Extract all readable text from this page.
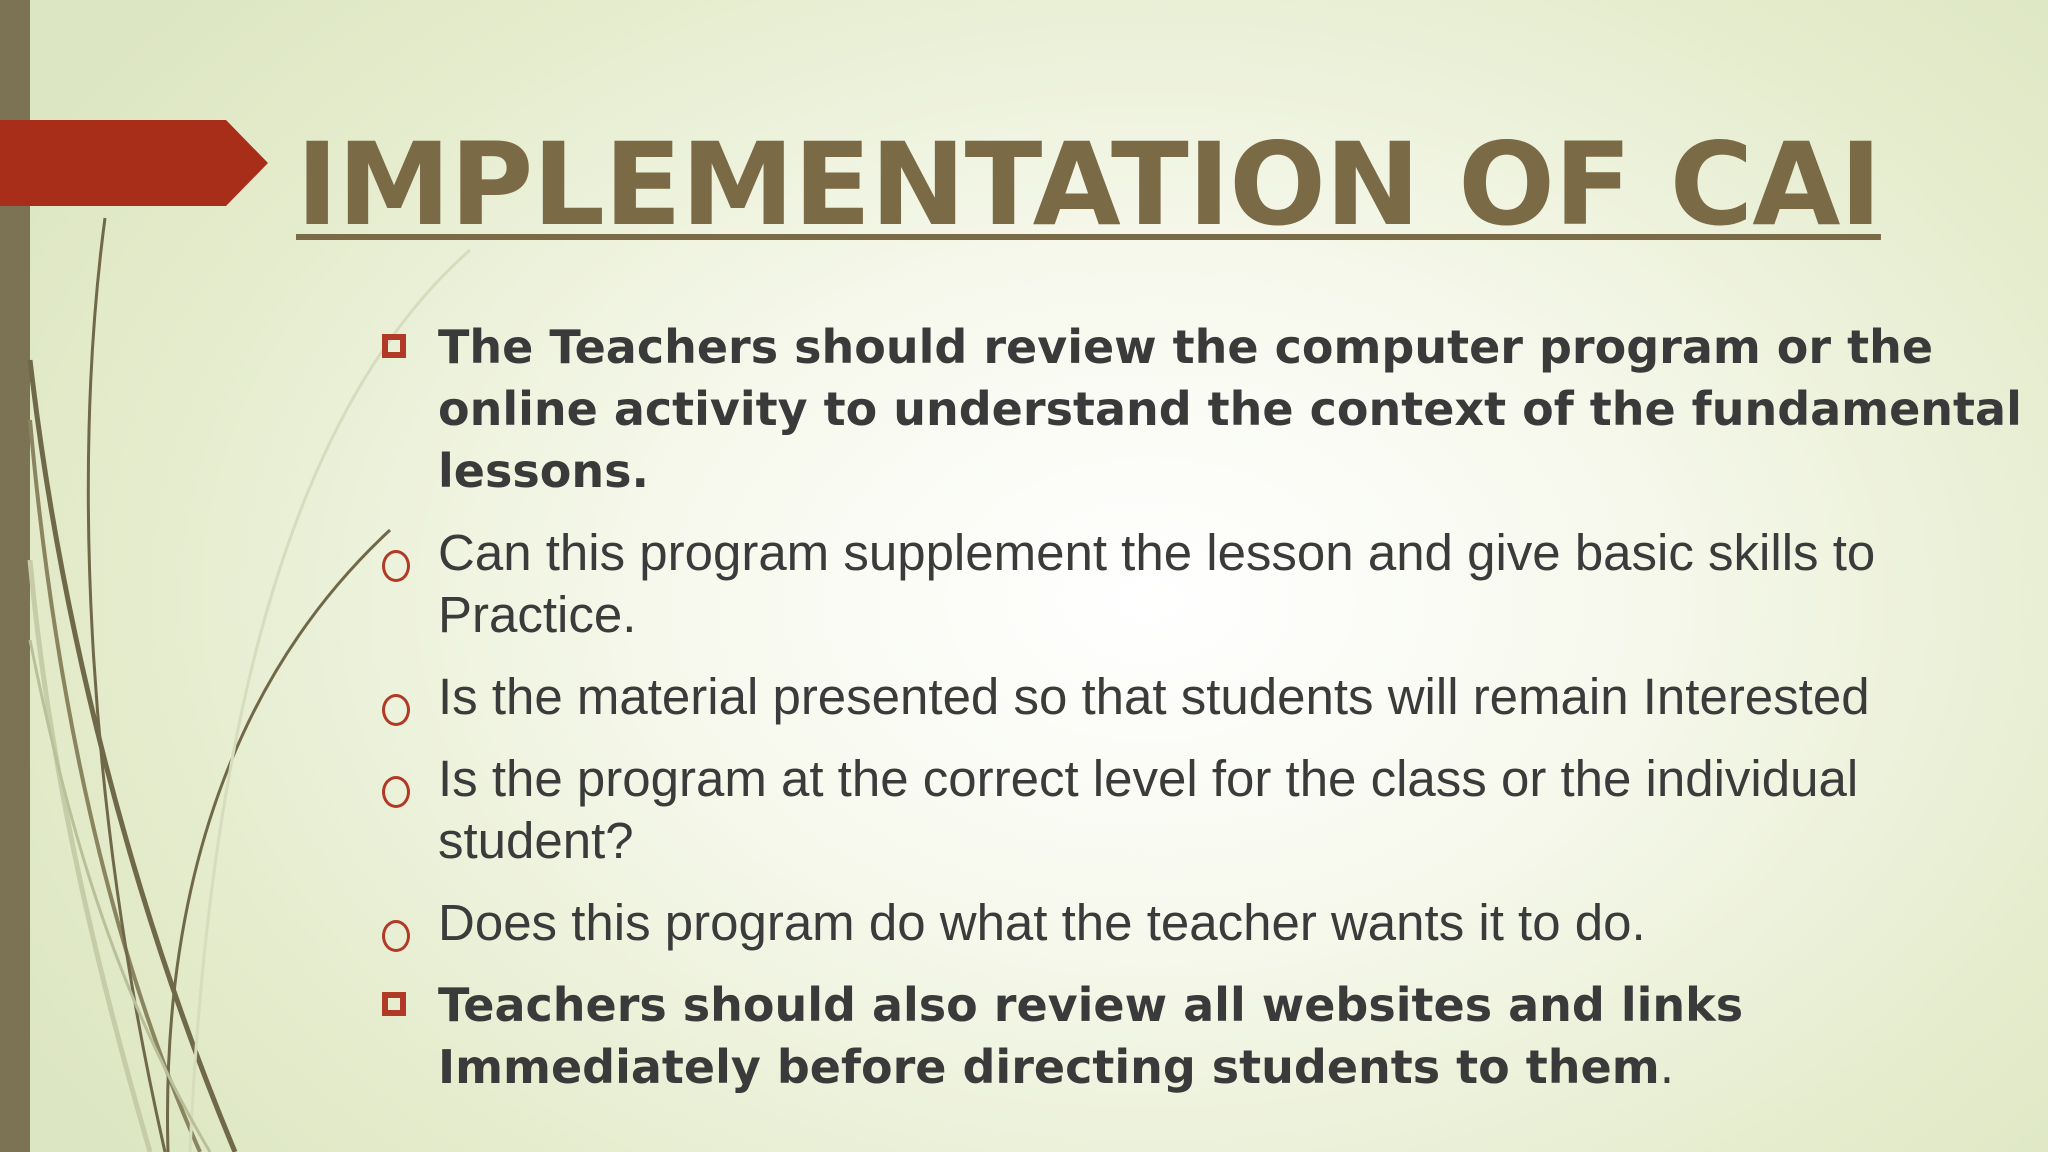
IMPLEMENTATION OF CAI
The Teachers should review the computer program or the online activity to understand the context of the fundamental lessons.
Can this program supplement the lesson and give basic skills to Practice.
Is the material presented so that students will remain Interested
Is the program at the correct level for the class or the individual student?
Does this program do what the teacher wants it to do.
Teachers should also review all websites and links Immediately before directing students to them.
